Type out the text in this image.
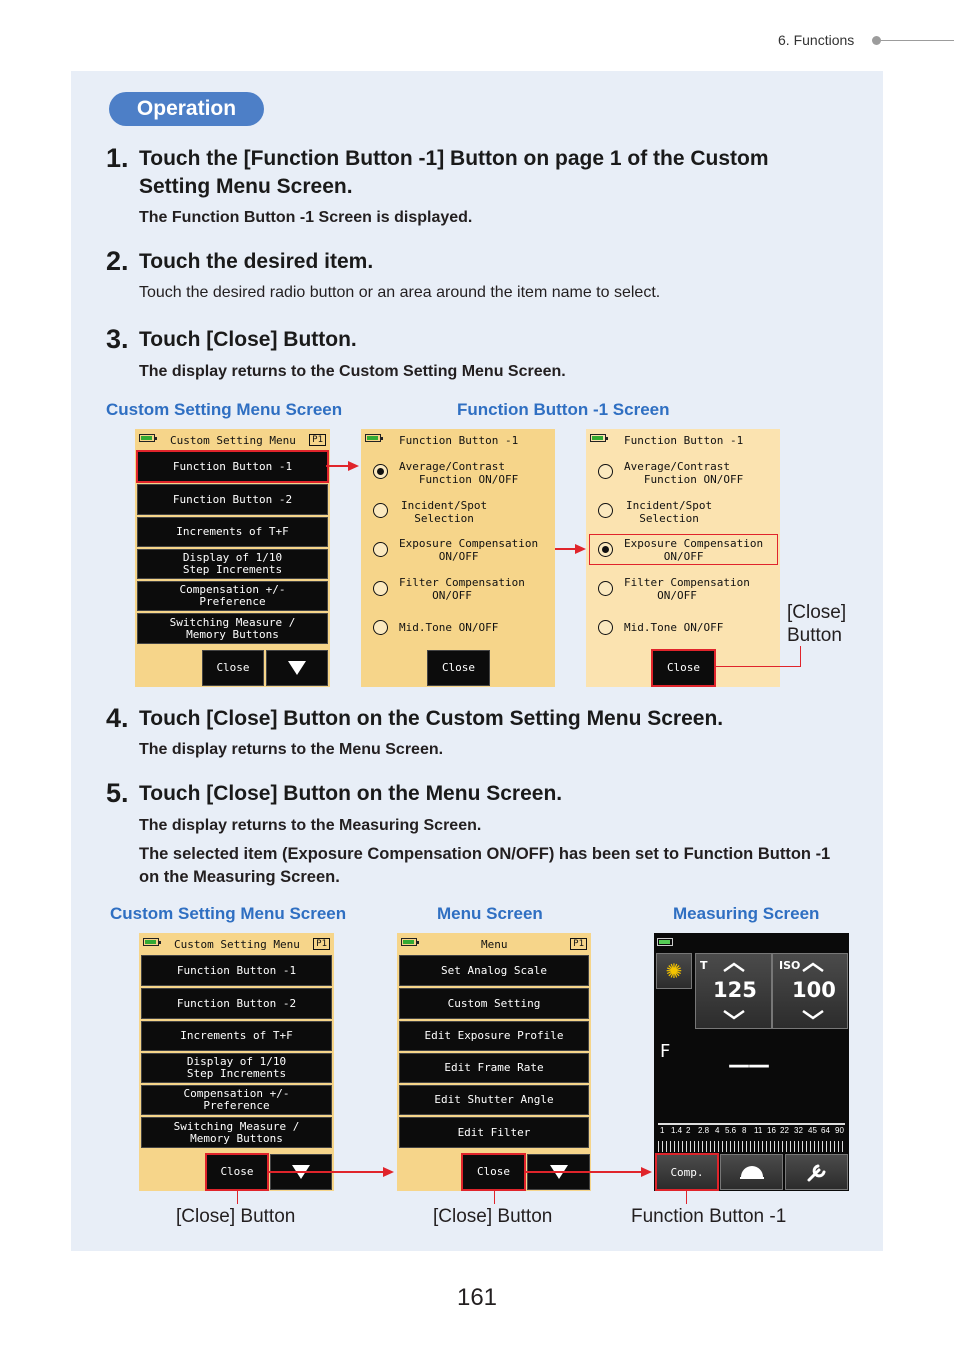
6. Functions
Operation
1. Touch the [Function Button -1] Button on page 1 of the Custom Setting Menu Screen.
The Function Button -1 Screen is displayed.
2. Touch the desired item.
Touch the desired radio button or an area around the item name to select.
3. Touch [Close] Button.
The display returns to the Custom Setting Menu Screen.
Custom Setting Menu Screen	Function Button -1 Screen
Custom Setting Menu	P1
Function Button -1
Function Button -2
Increments of T+F
Display of 1/10
Step Increments
Compensation +/-
Preference
Switching Measure /
Memory Buttons
Close
Function Button -1
Average/Contrast
Function ON/OFF
Incident/Spot
Selection
Exposure Compensation
ON/OFF
Filter Compensation
ON/OFF
Mid.Tone ON/OFF
Close
Function Button -1
Average/Contrast
Function ON/OFF
Incident/Spot
Selection
Exposure Compensation
ON/OFF
Filter Compensation
ON/OFF
Mid.Tone ON/OFF
Close
[Close]
Button
4. Touch [Close] Button on the Custom Setting Menu Screen.
The display returns to the Menu Screen.
5. Touch [Close] Button on the Menu Screen.
The display returns to the Measuring Screen.
The selected item (Exposure Compensation ON/OFF) has been set to Function Button -1 on the Measuring Screen.
Custom Setting Menu Screen	Menu Screen	Measuring Screen
Custom Setting Menu	P1
Function Button -1
Function Button -2
Increments of T+F
Display of 1/10
Step Increments
Compensation +/-
Preference
Switching Measure /
Memory Buttons
Close
Menu	P1
Set Analog Scale
Custom Setting
Edit Exposure Profile
Edit Frame Rate
Edit Shutter Angle
Edit Filter
Close
✺ T
125
ISO
100
F
——
Comp.
1 1.4 2 2.8 4 5.6 8 11 16 22 32 45 64 90
[Close] Button	[Close] Button	Function Button -1
161
